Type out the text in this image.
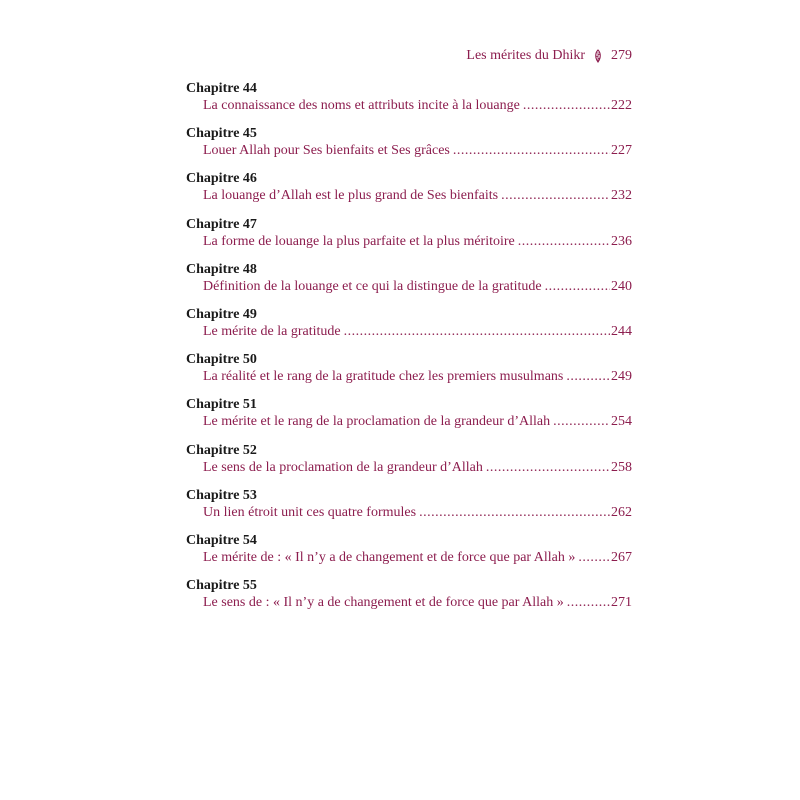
Les mérites du Dhikr 279
Chapitre 44
La connaissance des noms et attributs incite à la louange .....	222
Chapitre 45
Louer Allah pour Ses bienfaits et Ses grâces .....	227
Chapitre 46
La louange d’Allah est le plus grand de Ses bienfaits .....	232
Chapitre 47
La forme de louange la plus parfaite et la plus méritoire .....	236
Chapitre 48
Définition de la louange et ce qui la distingue de la gratitude .....	240
Chapitre 49
Le mérite de la gratitude .....	244
Chapitre 50
La réalité et le rang de la gratitude chez les premiers musulmans .....	249
Chapitre 51
Le mérite et le rang de la proclamation de la grandeur d’Allah .....	254
Chapitre 52
Le sens de la proclamation de la grandeur d’Allah .....	258
Chapitre 53
Un lien étroit unit ces quatre formules .....	262
Chapitre 54
Le mérite de : « Il n’y a de changement et de force que par Allah » .....	267
Chapitre 55
Le sens de : « Il n’y a de changement et de force que par Allah » .....	271
